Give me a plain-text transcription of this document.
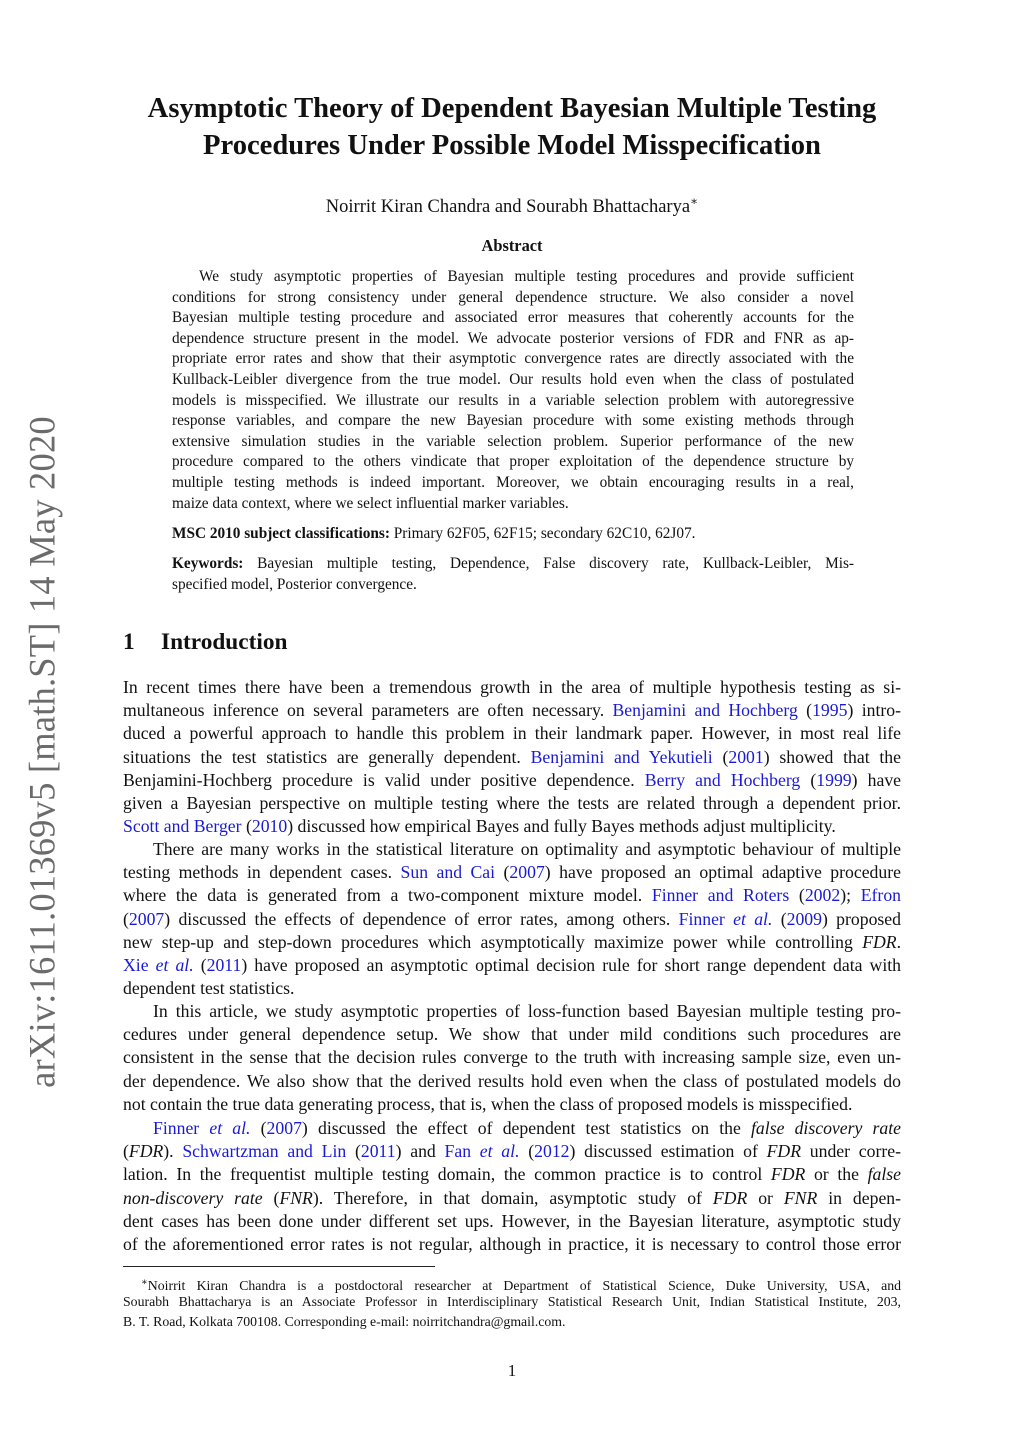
arXiv:1611.01369v5 [math.ST] 14 May 2020
Asymptotic Theory of Dependent Bayesian Multiple Testing
Procedures Under Possible Model Misspecification
Noirrit Kiran Chandra and Sourabh Bhattacharya∗
Abstract
We study asymptotic properties of Bayesian multiple testing procedures and provide sufficient
conditions for strong consistency under general dependence structure. We also consider a novel
Bayesian multiple testing procedure and associated error measures that coherently accounts for the
dependence structure present in the model. We advocate posterior versions of FDR and FNR as ap-
propriate error rates and show that their asymptotic convergence rates are directly associated with the
Kullback-Leibler divergence from the true model. Our results hold even when the class of postulated
models is misspecified. We illustrate our results in a variable selection problem with autoregressive
response variables, and compare the new Bayesian procedure with some existing methods through
extensive simulation studies in the variable selection problem. Superior performance of the new
procedure compared to the others vindicate that proper exploitation of the dependence structure by
multiple testing methods is indeed important. Moreover, we obtain encouraging results in a real,
maize data context, where we select influential marker variables.
MSC 2010 subject classifications: Primary 62F05, 62F15; secondary 62C10, 62J07.
Keywords: Bayesian multiple testing, Dependence, False discovery rate, Kullback-Leibler, Mis-
specified model, Posterior convergence.
1 Introduction
In recent times there have been a tremendous growth in the area of multiple hypothesis testing as si-
multaneous inference on several parameters are often necessary. Benjamini and Hochberg (1995) intro-
duced a powerful approach to handle this problem in their landmark paper. However, in most real life
situations the test statistics are generally dependent. Benjamini and Yekutieli (2001) showed that the
Benjamini-Hochberg procedure is valid under positive dependence. Berry and Hochberg (1999) have
given a Bayesian perspective on multiple testing where the tests are related through a dependent prior.
Scott and Berger (2010) discussed how empirical Bayes and fully Bayes methods adjust multiplicity.
There are many works in the statistical literature on optimality and asymptotic behaviour of multiple
testing methods in dependent cases. Sun and Cai (2007) have proposed an optimal adaptive procedure
where the data is generated from a two-component mixture model. Finner and Roters (2002); Efron
(2007) discussed the effects of dependence of error rates, among others. Finner et al. (2009) proposed
new step-up and step-down procedures which asymptotically maximize power while controlling FDR.
Xie et al. (2011) have proposed an asymptotic optimal decision rule for short range dependent data with
dependent test statistics.
In this article, we study asymptotic properties of loss-function based Bayesian multiple testing pro-
cedures under general dependence setup. We show that under mild conditions such procedures are
consistent in the sense that the decision rules converge to the truth with increasing sample size, even un-
der dependence. We also show that the derived results hold even when the class of postulated models do
not contain the true data generating process, that is, when the class of proposed models is misspecified.
Finner et al. (2007) discussed the effect of dependent test statistics on the false discovery rate
(FDR). Schwartzman and Lin (2011) and Fan et al. (2012) discussed estimation of FDR under corre-
lation. In the frequentist multiple testing domain, the common practice is to control FDR or the false
non-discovery rate (FNR). Therefore, in that domain, asymptotic study of FDR or FNR in depen-
dent cases has been done under different set ups. However, in the Bayesian literature, asymptotic study
of the aforementioned error rates is not regular, although in practice, it is necessary to control those error
∗Noirrit Kiran Chandra is a postdoctoral researcher at Department of Statistical Science, Duke University, USA, and
Sourabh Bhattacharya is an Associate Professor in Interdisciplinary Statistical Research Unit, Indian Statistical Institute, 203,
B. T. Road, Kolkata 700108. Corresponding e-mail: noirritchandra@gmail.com.
1
